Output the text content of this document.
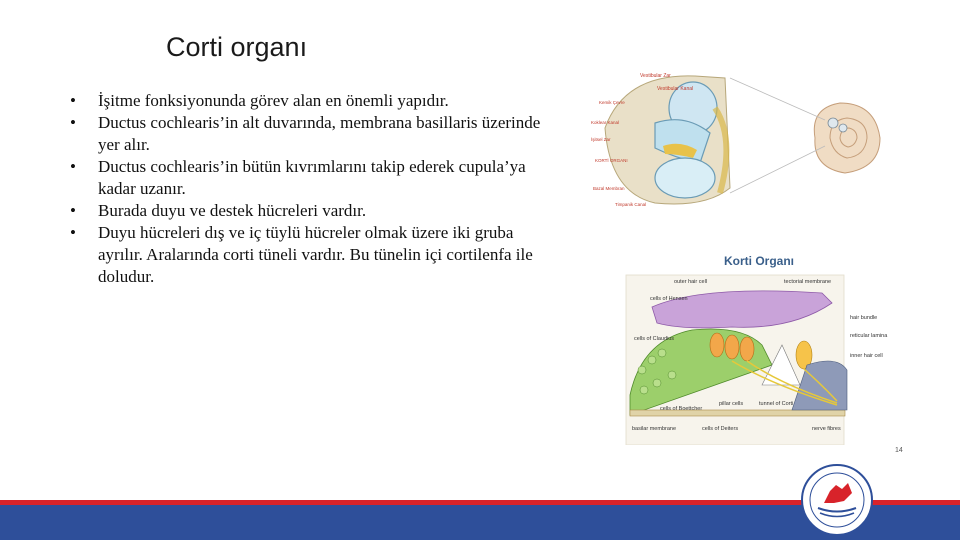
Corti organı
• İşitme fonksiyonunda görev alan en önemli yapıdır.
• Ductus cochlearis’in alt duvarında, membrana basillaris üzerinde yer alır.
• Ductus cochlearis’in bütün kıvrımlarını takip ederek cupula’ya kadar uzanır.
• Burada duyu ve destek hücreleri vardır.
• Duyu hücreleri dış ve iç tüylü hücreler olmak üzere iki gruba ayrılır. Aralarında corti tüneli vardır. Bu tünelin içi cortilenfa ile doludur.
Vestibular Zar
Vestibular Kanal
Kemik Çevre
Koklear Kanal
İşitsel Zar
KORTİ ORGANI
Bazal Membran
Timpanik Canal
Korti Organı
outer hair cell	tectorial membrane
cells of Hensen
hair bundle
reticular lamina
cells of Claudius
inner hair cell
cells of Boettcher
pillar cells	tunnel of Corti
basilar membrane	cells of Deiters	nerve fibres
14
